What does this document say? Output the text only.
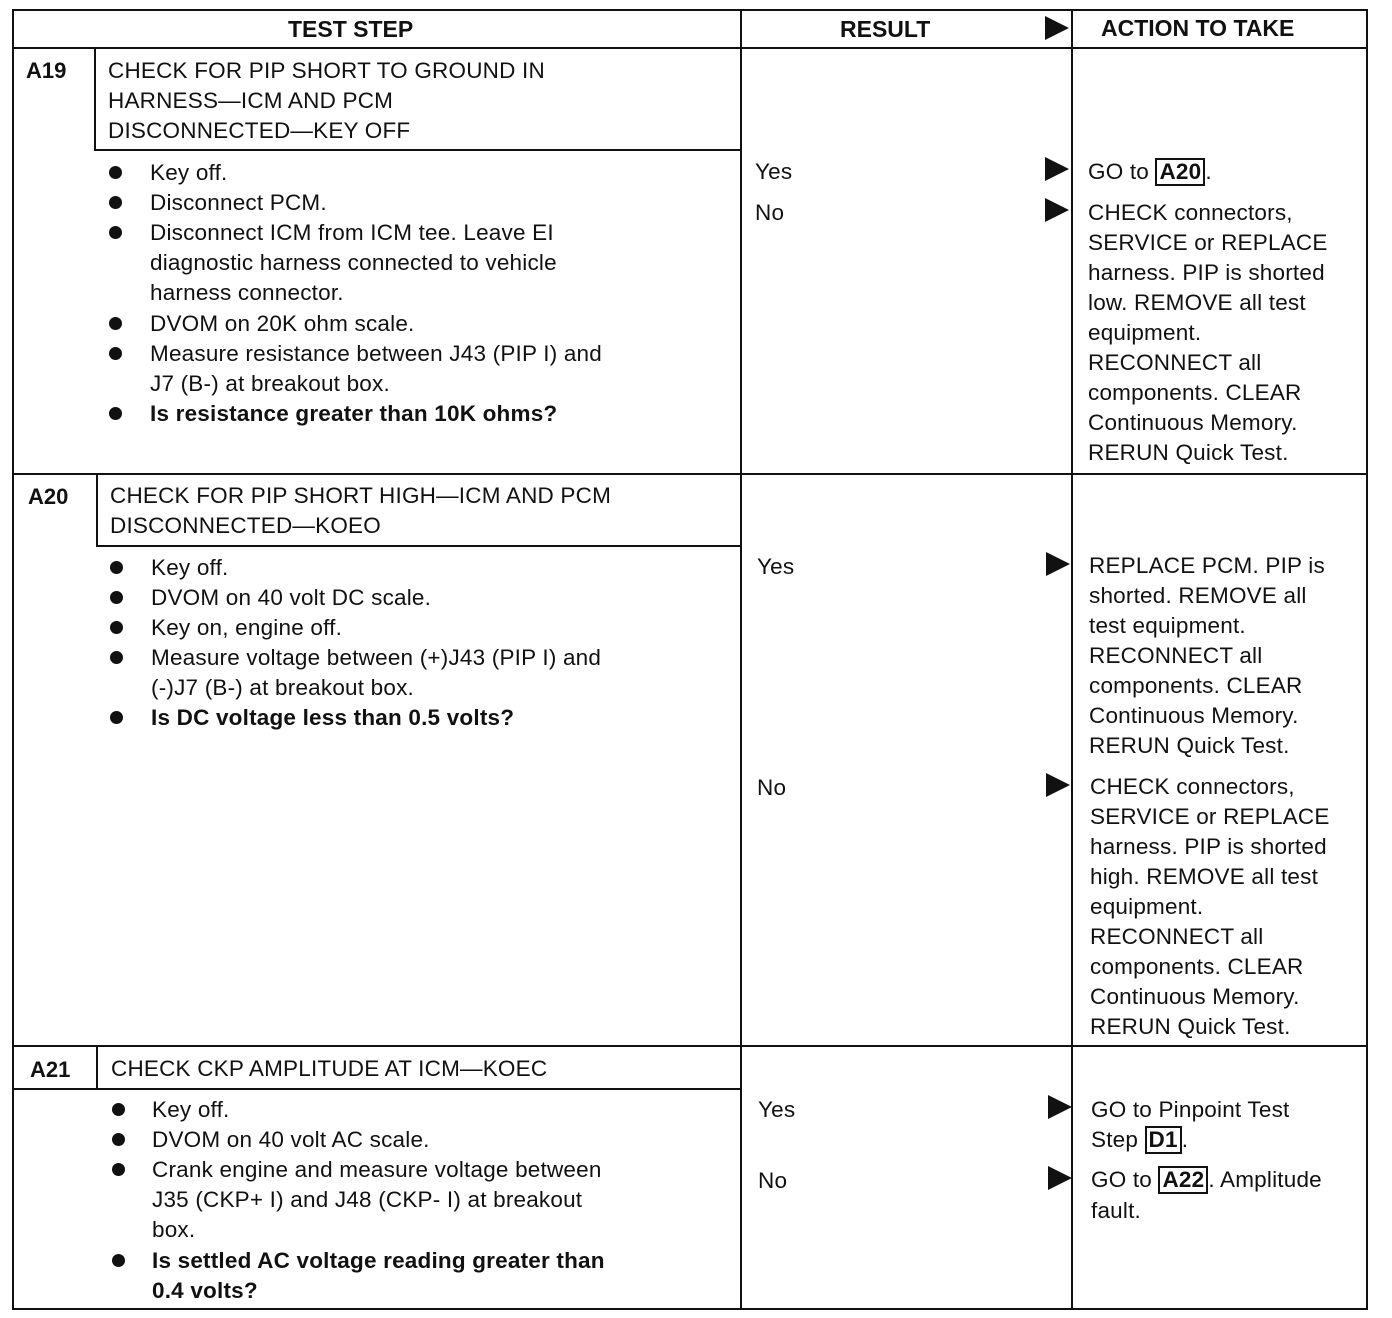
TEST STEP	RESULT	ACTION TO TAKE
A19 CHECK FOR PIP SHORT TO GROUND IN
HARNESS—ICM AND PCM
DISCONNECTED—KEY OFF
Key off.
Disconnect PCM.
Disconnect ICM from ICM tee. Leave EI
diagnostic harness connected to vehicle
harness connector.
DVOM on 20K ohm scale.
Measure resistance between J43 (PIP I) and
J7 (B-) at breakout box.
Is resistance greater than 10K ohms?
Yes	GO to A20 .
No	CHECK connectors,
SERVICE or REPLACE
harness. PIP is shorted
low. REMOVE all test
equipment.
RECONNECT all
components. CLEAR
Continuous Memory.
RERUN Quick Test.
A20 CHECK FOR PIP SHORT HIGH—ICM AND PCM
DISCONNECTED—KOEO
Key off.
DVOM on 40 volt DC scale.
Key on, engine off.
Measure voltage between (+)J43 (PIP I) and
(-)J7 (B-) at breakout box.
Is DC voltage less than 0.5 volts?
Yes	REPLACE PCM. PIP is
shorted. REMOVE all
test equipment.
RECONNECT all
components. CLEAR
Continuous Memory.
RERUN Quick Test.
No	CHECK connectors,
SERVICE or REPLACE
harness. PIP is shorted
high. REMOVE all test
equipment.
RECONNECT all
components. CLEAR
Continuous Memory.
RERUN Quick Test.
A21 CHECK CKP AMPLITUDE AT ICM—KOEC
Key off.
DVOM on 40 volt AC scale.
Crank engine and measure voltage between
J35 (CKP+ I) and J48 (CKP- I) at breakout
box.
Is settled AC voltage reading greater than
0.4 volts?
Yes	GO to Pinpoint Test
Step D1 .
No	GO to A22 . Amplitude
fault.
